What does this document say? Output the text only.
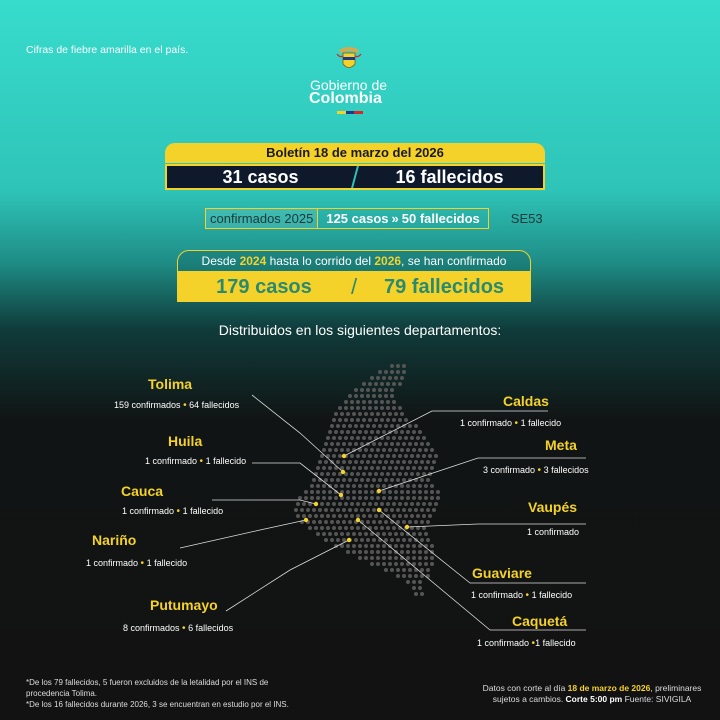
Cifras de fiebre amarilla en el país.
Gobierno de
Colombia
Boletín 18 de marzo del 2026
31 casos	16 fallecidos
confirmados 2025	125 casos » 50 fallecidos SE53
Desde 2024 hasta lo corrido del 2026, se han confirmado
179 casos	/	79 fallecidos
Distribuidos en los siguientes departamentos:
Tolima
159 confirmados • 64 fallecidos
Huila
1 confirmado • 1 fallecido
Cauca
1 confirmado • 1 fallecido
Nariño
1 confirmado • 1 fallecido
Putumayo
8 confirmados • 6 fallecidos
Caldas
1 confirmado • 1 fallecido
Meta
3 confirmado • 3 fallecidos
Vaupés
1 confirmado
Guaviare
1 confirmado • 1 fallecido
Caquetá
1 confirmado •1 fallecido
*De los 79 fallecidos, 5 fueron excluidos de la letalidad por el INS de procedencia Tolima.
*De los 16 fallecidos durante 2026, 3 se encuentran en estudio por el INS.
Datos con corte al día 18 de marzo de 2026, preliminares sujetos a cambios. Corte 5:00 pm Fuente: SIVIGILA
